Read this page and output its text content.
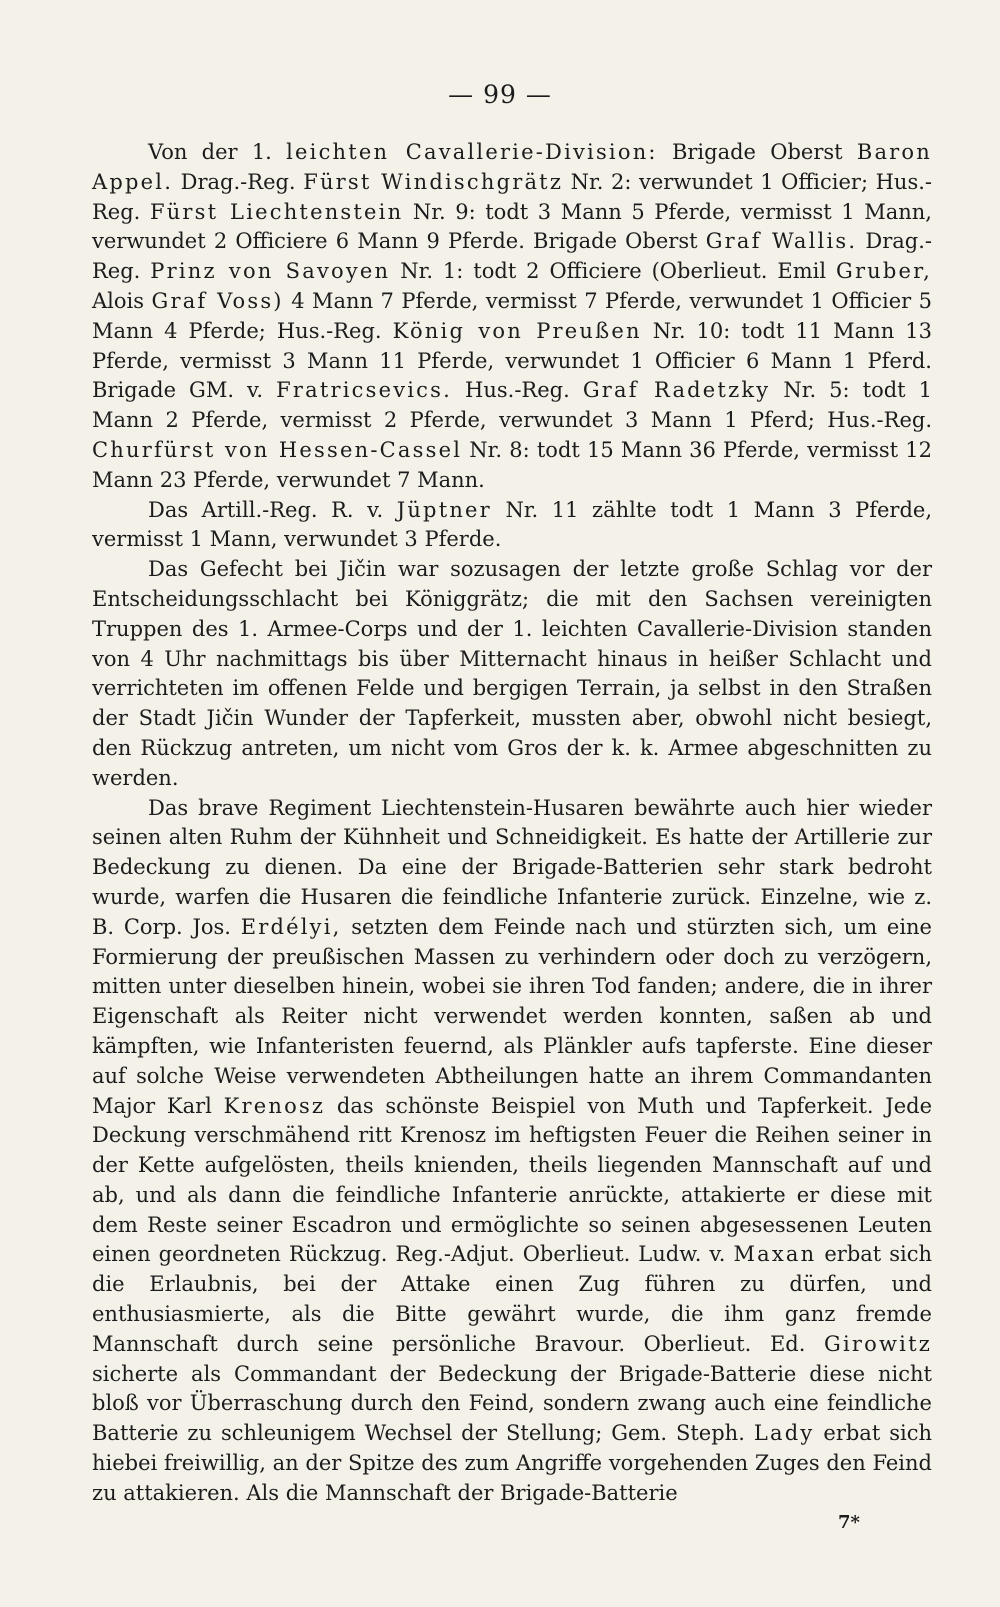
— 99 —

Von der 1. leichten Cavallerie-Division: Brigade Oberst Baron Appel. Drag.-Reg. Fürst Windischgrätz Nr. 2: verwundet 1 Officier; Hus.-Reg. Fürst Liechtenstein Nr. 9: todt 3 Mann 5 Pferde, vermisst 1 Mann, verwundet 2 Officiere 6 Mann 9 Pferde. Brigade Oberst Graf Wallis. Drag.-Reg. Prinz von Savoyen Nr. 1: todt 2 Officiere (Oberlieut. Emil Gruber, Alois Graf Voss) 4 Mann 7 Pferde, vermisst 7 Pferde, verwundet 1 Officier 5 Mann 4 Pferde; Hus.-Reg. König von Preußen Nr. 10: todt 11 Mann 13 Pferde, vermisst 3 Mann 11 Pferde, verwundet 1 Officier 6 Mann 1 Pferd. Brigade GM. v. Fratricsevics. Hus.-Reg. Graf Radetzky Nr. 5: todt 1 Mann 2 Pferde, vermisst 2 Pferde, verwundet 3 Mann 1 Pferd; Hus.-Reg. Churfürst von Hessen-Cassel Nr. 8: todt 15 Mann 36 Pferde, vermisst 12 Mann 23 Pferde, verwundet 7 Mann.

Das Artill.-Reg. R. v. Jüptner Nr. 11 zählte todt 1 Mann 3 Pferde, vermisst 1 Mann, verwundet 3 Pferde.

Das Gefecht bei Jičin war sozusagen der letzte große Schlag vor der Entscheidungsschlacht bei Königgrätz; die mit den Sachsen vereinigten Truppen des 1. Armee-Corps und der 1. leichten Cavallerie-Division standen von 4 Uhr nachmittags bis über Mitternacht hinaus in heißer Schlacht und verrichteten im offenen Felde und bergigen Terrain, ja selbst in den Straßen der Stadt Jičin Wunder der Tapferkeit, mussten aber, obwohl nicht besiegt, den Rückzug antreten, um nicht vom Gros der k. k. Armee abgeschnitten zu werden.

Das brave Regiment Liechtenstein-Husaren bewährte auch hier wieder seinen alten Ruhm der Kühnheit und Schneidigkeit. Es hatte der Artillerie zur Bedeckung zu dienen. Da eine der Brigade-Batterien sehr stark bedroht wurde, warfen die Husaren die feindliche Infanterie zurück. Einzelne, wie z. B. Corp. Jos. Erdélyi, setzten dem Feinde nach und stürzten sich, um eine Formierung der preußischen Massen zu verhindern oder doch zu verzögern, mitten unter dieselben hinein, wobei sie ihren Tod fanden; andere, die in ihrer Eigenschaft als Reiter nicht verwendet werden konnten, saßen ab und kämpften, wie Infanteristen feuernd, als Plänkler aufs tapferste. Eine dieser auf solche Weise verwendeten Abtheilungen hatte an ihrem Commandanten Major Karl Krenosz das schönste Beispiel von Muth und Tapferkeit. Jede Deckung verschmähend ritt Krenosz im heftigsten Feuer die Reihen seiner in der Kette aufgelösten, theils knienden, theils liegenden Mannschaft auf und ab, und als dann die feindliche Infanterie anrückte, attakierte er diese mit dem Reste seiner Escadron und ermöglichte so seinen abgesessenen Leuten einen geordneten Rückzug. Reg.-Adjut. Oberlieut. Ludw. v. Maxan erbat sich die Erlaubnis, bei der Attake einen Zug führen zu dürfen, und enthusiasmierte, als die Bitte gewährt wurde, die ihm ganz fremde Mannschaft durch seine persönliche Bravour. Oberlieut. Ed. Girowitz sicherte als Commandant der Bedeckung der Brigade-Batterie diese nicht bloß vor Überraschung durch den Feind, sondern zwang auch eine feindliche Batterie zu schleunigem Wechsel der Stellung; Gem. Steph. Lady erbat sich hiebei freiwillig, an der Spitze des zum Angriffe vorgehenden Zuges den Feind zu attakieren. Als die Mannschaft der Brigade-Batterie

7*
